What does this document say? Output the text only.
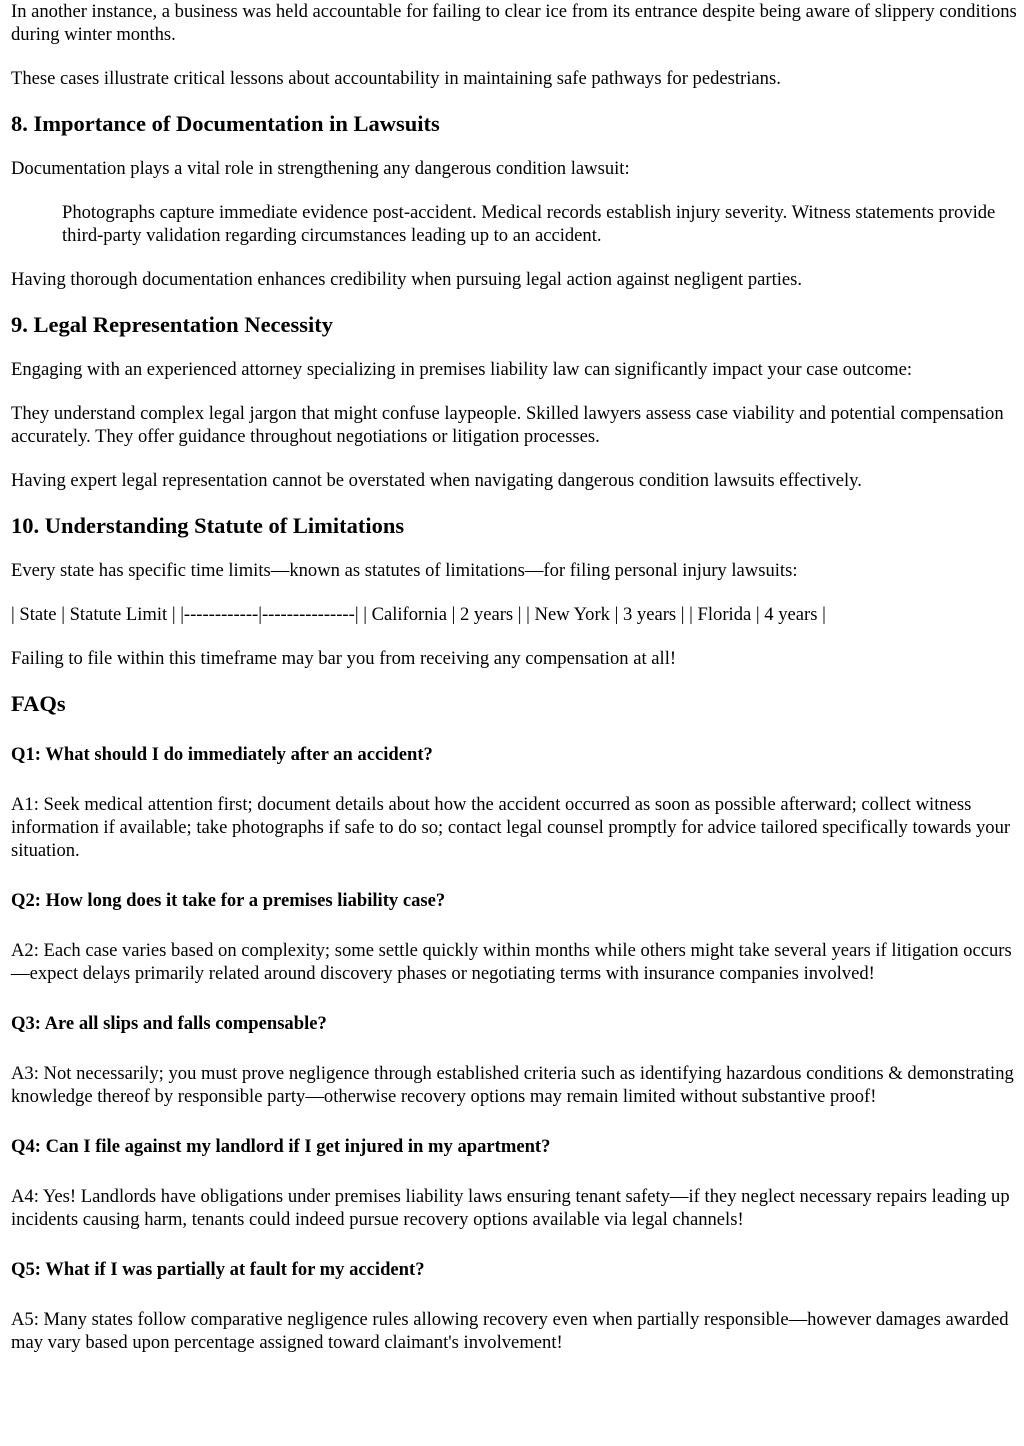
In another instance, a business was held accountable for failing to clear ice from its entrance despite being aware of slippery conditions during winter months.

These cases illustrate critical lessons about accountability in maintaining safe pathways for pedestrians.

8. Importance of Documentation in Lawsuits

Documentation plays a vital role in strengthening any dangerous condition lawsuit:

Photographs capture immediate evidence post-accident. Medical records establish injury severity. Witness statements provide third-party validation regarding circumstances leading up to an accident.

Having thorough documentation enhances credibility when pursuing legal action against negligent parties.

9. Legal Representation Necessity

Engaging with an experienced attorney specializing in premises liability law can significantly impact your case outcome:

They understand complex legal jargon that might confuse laypeople. Skilled lawyers assess case viability and potential compensation accurately. They offer guidance throughout negotiations or litigation processes.

Having expert legal representation cannot be overstated when navigating dangerous condition lawsuits effectively.

10. Understanding Statute of Limitations

Every state has specific time limits—known as statutes of limitations—for filing personal injury lawsuits:

| State | Statute Limit | |------------|---------------| | California | 2 years | | New York | 3 years | | Florida | 4 years |

Failing to file within this timeframe may bar you from receiving any compensation at all!

FAQs

Q1: What should I do immediately after an accident?

A1: Seek medical attention first; document details about how the accident occurred as soon as possible afterward; collect witness information if available; take photographs if safe to do so; contact legal counsel promptly for advice tailored specifically towards your situation.

Q2: How long does it take for a premises liability case?

A2: Each case varies based on complexity; some settle quickly within months while others might take several years if litigation occurs—expect delays primarily related around discovery phases or negotiating terms with insurance companies involved!

Q3: Are all slips and falls compensable?

A3: Not necessarily; you must prove negligence through established criteria such as identifying hazardous conditions & demonstrating knowledge thereof by responsible party—otherwise recovery options may remain limited without substantive proof!

Q4: Can I file against my landlord if I get injured in my apartment?

A4: Yes! Landlords have obligations under premises liability laws ensuring tenant safety—if they neglect necessary repairs leading up incidents causing harm, tenants could indeed pursue recovery options available via legal channels!

Q5: What if I was partially at fault for my accident?

A5: Many states follow comparative negligence rules allowing recovery even when partially responsible—however damages awarded may vary based upon percentage assigned toward claimant's involvement!
